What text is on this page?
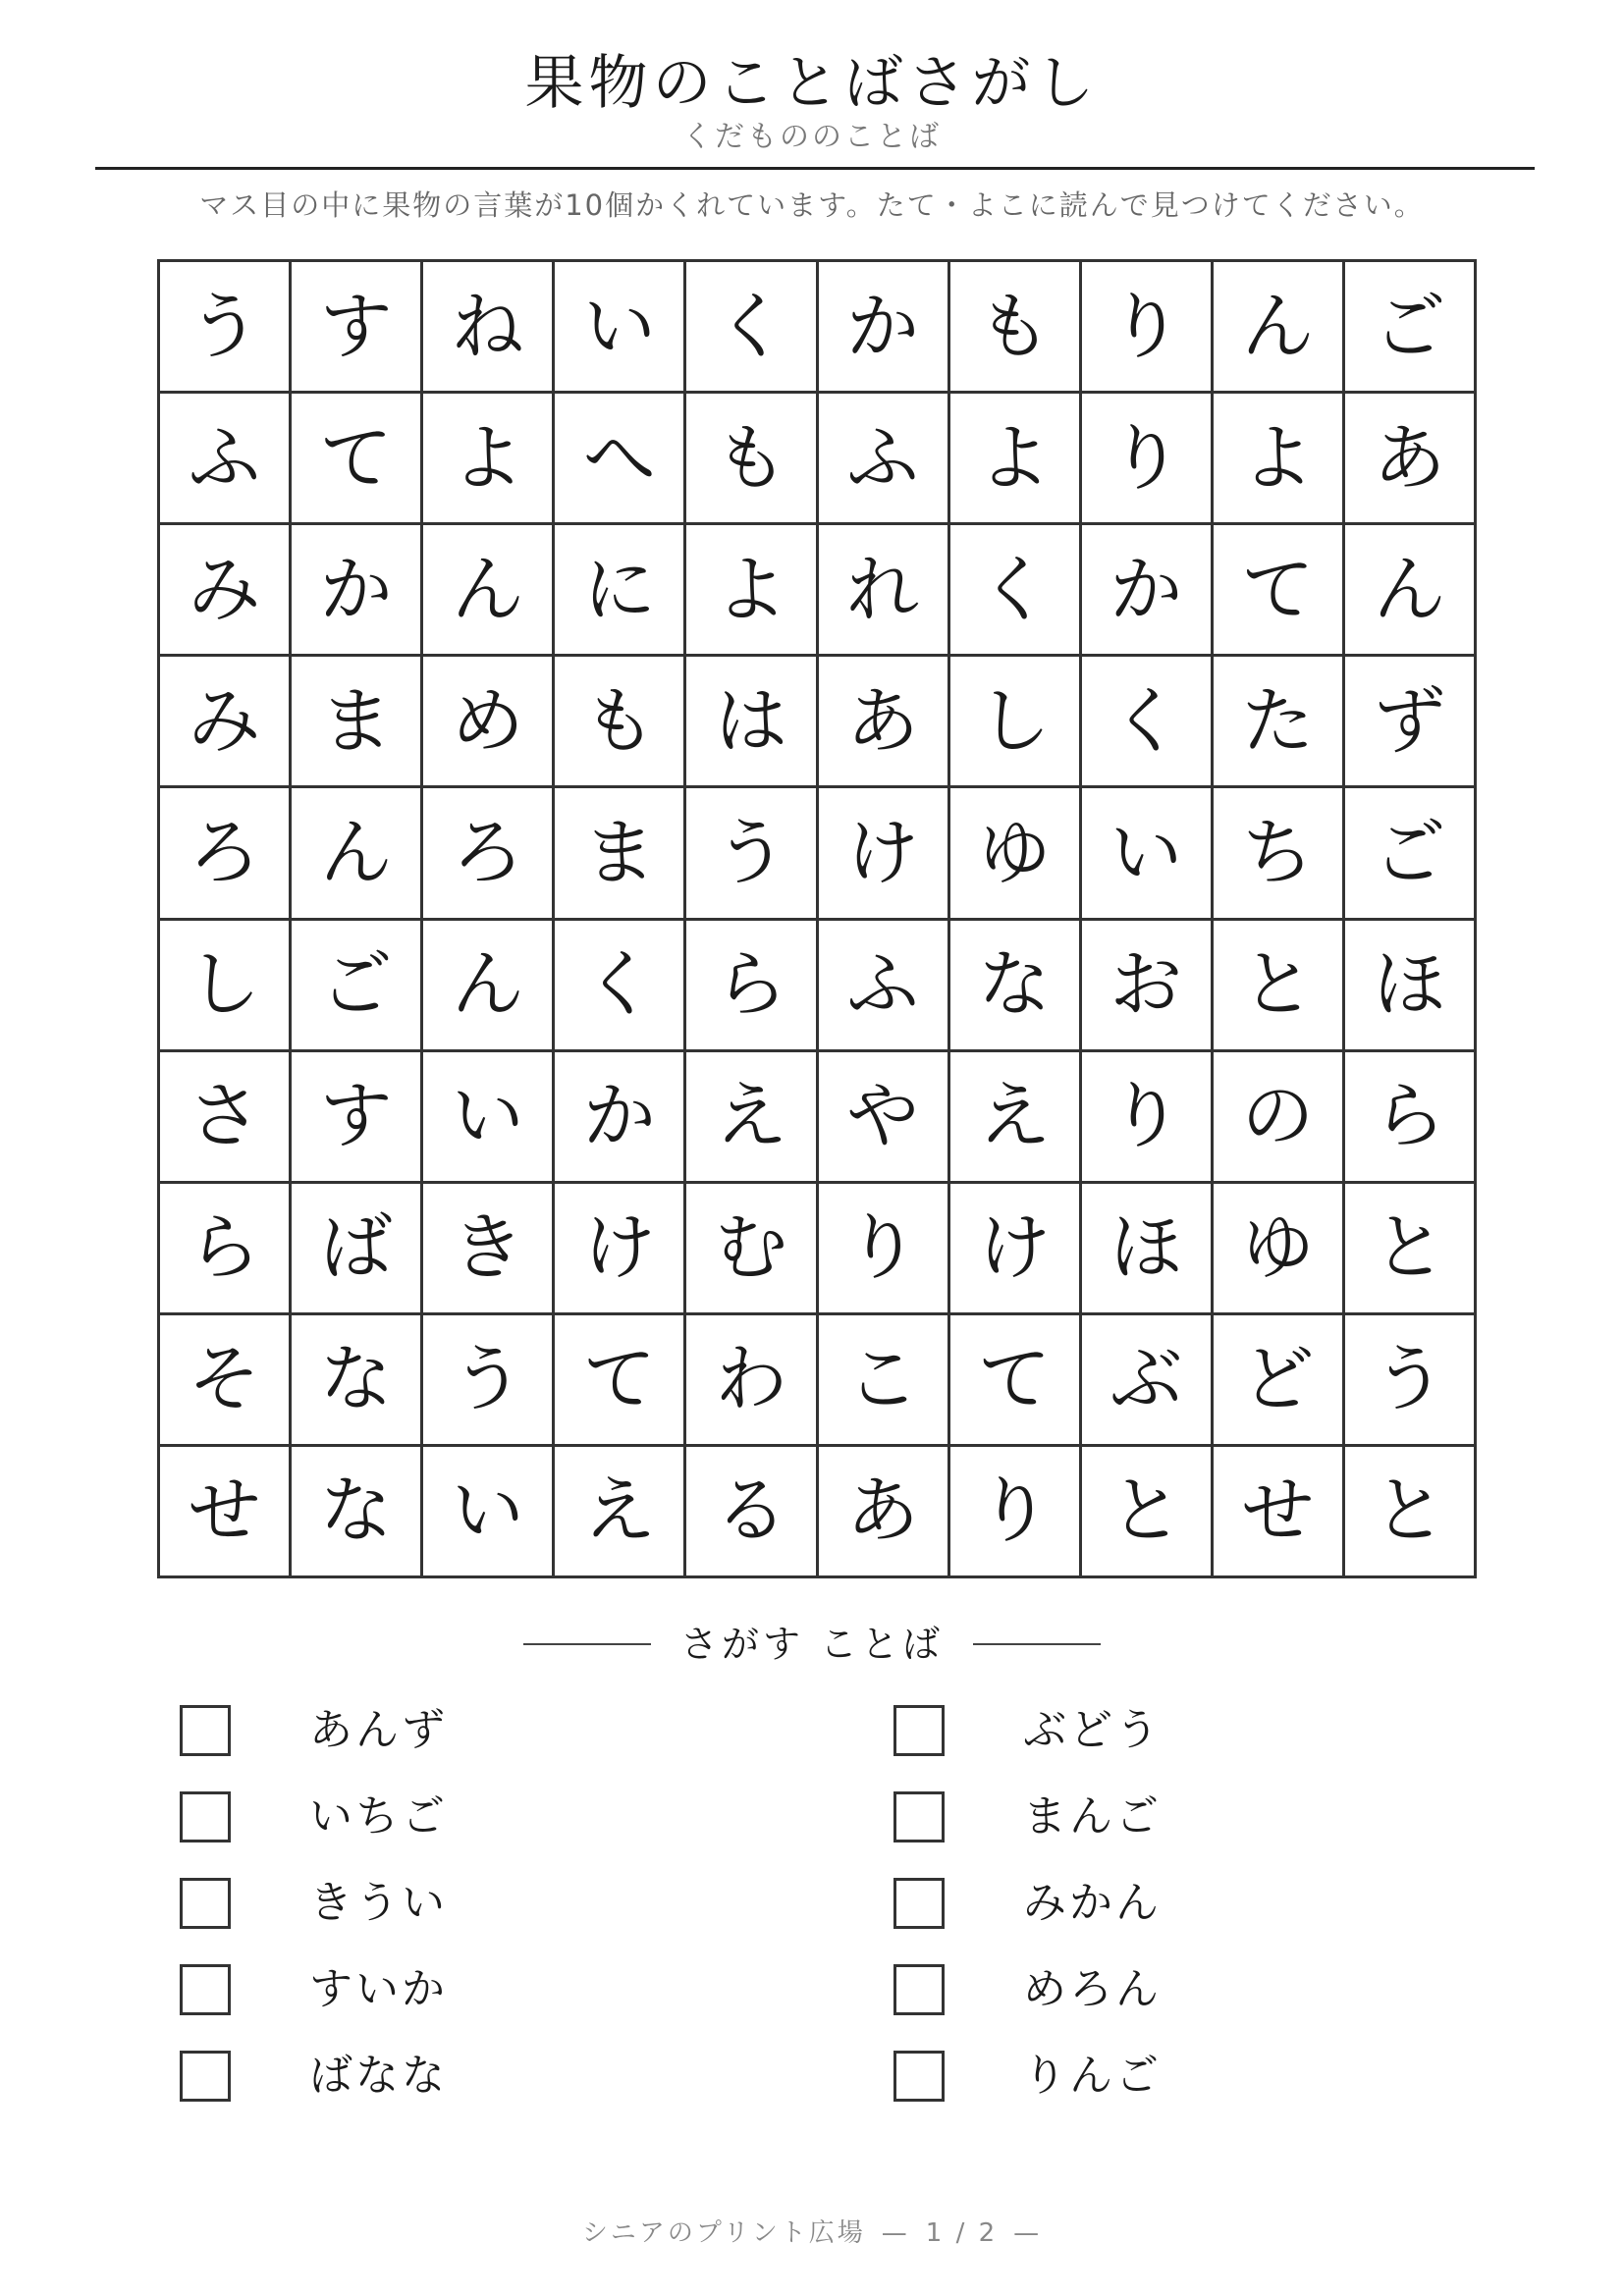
果物のことばさがし
くだもののことば
マス目の中に果物の言葉が10個かくれています。たて・よこに読んで見つけてください。
う す ね い く か も り ん ご
ふ て よ へ も ふ よ り よ あ
み か ん に よ れ く か て ん
み ま め も は あ し く た ず
ろ ん ろ ま う け ゆ い ち ご
し ご ん く ら ふ な お と ほ
さ す い か え や え り の ら
ら ば き け む り け ほ ゆ と
そ な う て わ こ て ぶ ど う
せ な い え る あ り と せ と
さがす ことば
あんず
いちご
きうい
すいか
ばなな
ぶどう
まんご
みかん
めろん
りんご
シニアのプリント広場 — 1 / 2 —
